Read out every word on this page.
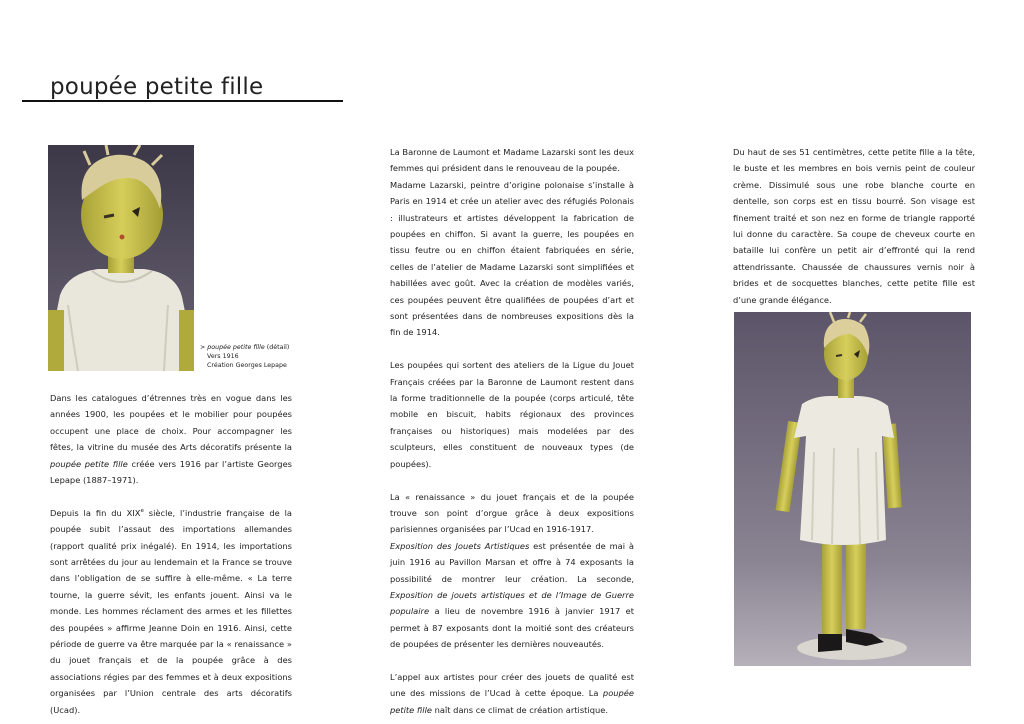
poupée petite fille
> poupée petite fille (détail)
Vers 1916
Création Georges Lepape

Dans les catalogues d’étrennes très en vogue dans les années 1900, les poupées et le mobilier pour poupées occupent une place de choix. Pour accompagner les fêtes, la vitrine du musée des Arts décoratifs présente la poupée petite fille créée vers 1916 par l’artiste Georges Lepape (1887–1971).

Depuis la fin du XIXe siècle, l’industrie française de la poupée subit l’assaut des importations allemandes (rapport qualité prix inégalé). En 1914, les importations sont arrêtées du jour au lendemain et la France se trouve dans l’obligation de se suffire à elle-même. « La terre tourne, la guerre sévit, les enfants jouent. Ainsi va le monde. Les hommes réclament des armes et les fillettes des poupées » affirme Jeanne Doin en 1916. Ainsi, cette période de guerre va être marquée par la « renaissance » du jouet français et de la poupée grâce à des associations régies par des femmes et à deux expositions organisées par l’Union centrale des arts décoratifs (Ucad).

La Baronne de Laumont et Madame Lazarski sont les deux femmes qui président dans le renouveau de la poupée.

Madame Lazarski, peintre d’origine polonaise s’installe à Paris en 1914 et crée un atelier avec des réfugiés Polonais : illustrateurs et artistes développent la fabrication de poupées en chiffon. Si avant la guerre, les poupées en tissu feutre ou en chiffon étaient fabriquées en série, celles de l’atelier de Madame Lazarski sont simplifiées et habillées avec goût. Avec la création de modèles variés, ces poupées peuvent être qualifiées de poupées d’art et sont présentées dans de nombreuses expositions dès la fin de 1914.

Les poupées qui sortent des ateliers de la Ligue du Jouet Français créées par la Baronne de Laumont restent dans la forme traditionnelle de la poupée (corps articulé, tête mobile en biscuit, habits régionaux des provinces françaises ou historiques) mais modelées par des sculpteurs, elles constituent de nouveaux types (de poupées).

La « renaissance » du jouet français et de la poupée trouve son point d’orgue grâce à deux expositions parisiennes organisées par l’Ucad en 1916-1917.

Exposition des Jouets Artistiques est présentée de mai à juin 1916 au Pavillon Marsan et offre à 74 exposants la possibilité de montrer leur création. La seconde, Exposition de jouets artistiques et de l’Image de Guerre populaire a lieu de novembre 1916 à janvier 1917 et permet à 87 exposants dont la moitié sont des créateurs de poupées de présenter les dernières nouveautés.

L’appel aux artistes pour créer des jouets de qualité est une des missions de l’Ucad à cette époque. La poupée petite fille naît dans ce climat de création artistique.

Du haut de ses 51 centimètres, cette petite fille a la tête, le buste et les membres en bois vernis peint de couleur crème. Dissimulé sous une robe blanche courte en dentelle, son corps est en tissu bourré. Son visage est finement traité et son nez en forme de triangle rapporté lui donne du caractère. Sa coupe de cheveux courte en bataille lui confère un petit air d’effronté qui la rend attendrissante. Chaussée de chaussures vernis noir à brides et de socquettes blanches, cette petite fille est d’une grande élégance.
